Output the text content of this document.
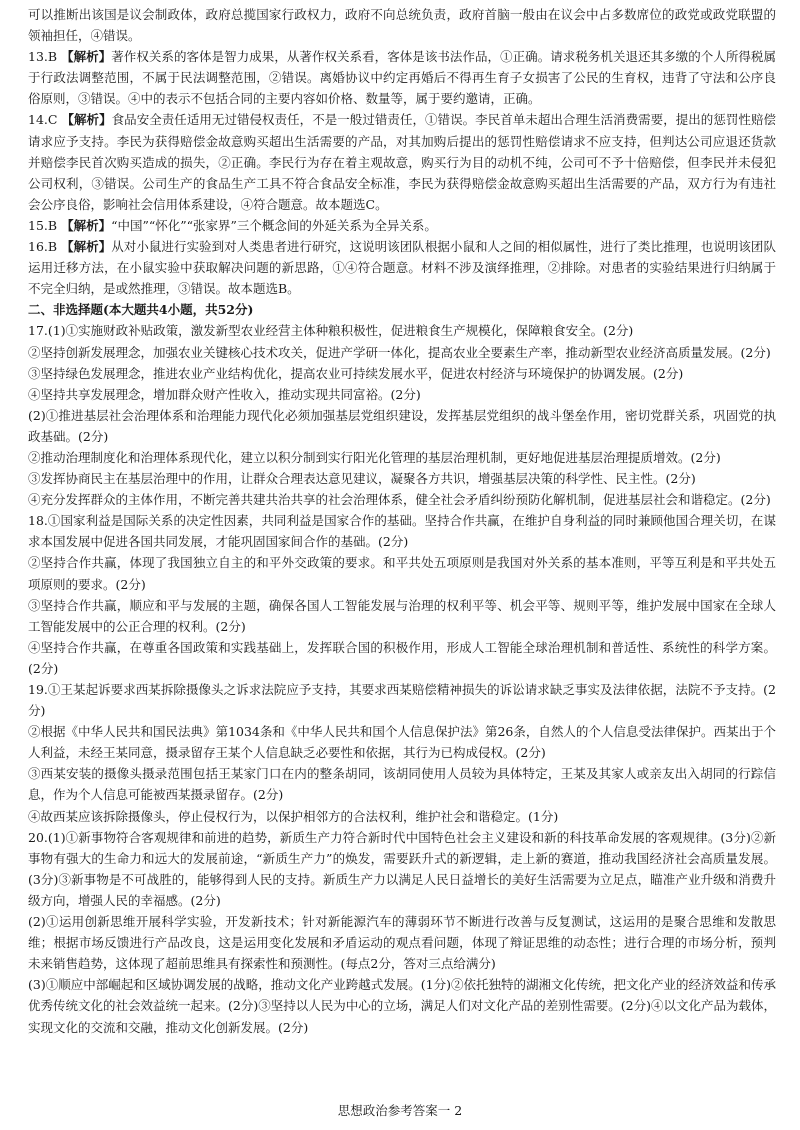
可以推断出该国是议会制政体，政府总揽国家行政权力，政府不向总统负责，政府首脑一般由在议会中占多数席位的政党或政党联盟的领袖担任，④错误。

13.B 【解析】著作权关系的客体是智力成果，从著作权关系看，客体是该书法作品，①正确。请求税务机关退还其多缴的个人所得税属于行政法调整范围，不属于民法调整范围，②错误。离婚协议中约定再婚后不得再生育子女损害了公民的生育权，违背了守法和公序良俗原则，③错误。④中的表示不包括合同的主要内容如价格、数量等，属于要约邀请，正确。

14.C 【解析】食品安全责任适用无过错侵权责任，不是一般过错责任，①错误。李民首单未超出合理生活消费需要，提出的惩罚性赔偿请求应予支持。李民为获得赔偿金故意购买超出生活需要的产品，对其加购后提出的惩罚性赔偿请求不应支持，但判达公司应退还货款并赔偿李民首次购买造成的损失，②正确。李民行为存在着主观故意，购买行为目的动机不纯，公司可不予十倍赔偿，但李民并未侵犯公司权利，③错误。公司生产的食品生产工具不符合食品安全标准，李民为获得赔偿金故意购买超出生活需要的产品，双方行为有违社会公序良俗，影响社会信用体系建设，④符合题意。故本题选C。

15.B 【解析】“中国”“怀化”“张家界”三个概念间的外延关系为全异关系。

16.B 【解析】从对小鼠进行实验到对人类患者进行研究，这说明该团队根据小鼠和人之间的相似属性，进行了类比推理，也说明该团队运用迁移方法，在小鼠实验中获取解决问题的新思路，①④符合题意。材料不涉及演绎推理，②排除。对患者的实验结果进行归纳属于不完全归纳，是或然推理，③错误。故本题选B。

二、非选择题(本大题共4小题，共52分)

17.(1)①实施财政补贴政策，激发新型农业经营主体种粮积极性，促进粮食生产规模化，保障粮食安全。(2分)

②坚持创新发展理念，加强农业关键核心技术攻关，促进产学研一体化，提高农业全要素生产率，推动新型农业经济高质量发展。(2分)

③坚持绿色发展理念，推进农业产业结构优化，提高农业可持续发展水平，促进农村经济与环境保护的协调发展。(2分)

④坚持共享发展理念，增加群众财产性收入，推动实现共同富裕。(2分)

(2)①推进基层社会治理体系和治理能力现代化必须加强基层党组织建设，发挥基层党组织的战斗堡垒作用，密切党群关系，巩固党的执政基础。(2分)

②推动治理制度化和治理体系现代化，建立以积分制到实行阳光化管理的基层治理机制，更好地促进基层治理提质增效。(2分)

③发挥协商民主在基层治理中的作用，让群众合理表达意见建议，凝聚各方共识，增强基层决策的科学性、民主性。(2分)

④充分发挥群众的主体作用，不断完善共建共治共享的社会治理体系，健全社会矛盾纠纷预防化解机制，促进基层社会和谐稳定。(2分)

18.①国家利益是国际关系的决定性因素，共同利益是国家合作的基础。坚持合作共赢，在维护自身利益的同时兼顾他国合理关切，在谋求本国发展中促进各国共同发展，才能巩固国家间合作的基础。(2分)

②坚持合作共赢，体现了我国独立自主的和平外交政策的要求。和平共处五项原则是我国对外关系的基本准则，平等互利是和平共处五项原则的要求。(2分)

③坚持合作共赢，顺应和平与发展的主题，确保各国人工智能发展与治理的权利平等、机会平等、规则平等，维护发展中国家在全球人工智能发展中的公正合理的权利。(2分)

④坚持合作共赢，在尊重各国政策和实践基础上，发挥联合国的积极作用，形成人工智能全球治理机制和普适性、系统性的科学方案。(2分)

19.①王某起诉要求西某拆除摄像头之诉求法院应予支持，其要求西某赔偿精神损失的诉讼请求缺乏事实及法律依据，法院不予支持。(2分)

②根据《中华人民共和国民法典》第1034条和《中华人民共和国个人信息保护法》第26条，自然人的个人信息受法律保护。西某出于个人利益，未经王某同意，摄录留存王某个人信息缺乏必要性和依据，其行为已构成侵权。(2分)

③西某安装的摄像头摄录范围包括王某家门口在内的整条胡同，该胡同使用人员较为具体特定，王某及其家人或亲友出入胡同的行踪信息，作为个人信息可能被西某摄录留存。(2分)

④故西某应该拆除摄像头，停止侵权行为，以保护相邻方的合法权利，维护社会和谐稳定。(1分)

20.(1)①新事物符合客观规律和前进的趋势，新质生产力符合新时代中国特色社会主义建设和新的科技革命发展的客观规律。(3分)②新事物有强大的生命力和远大的发展前途，“新质生产力”的焕发，需要跃升式的新逻辑，走上新的赛道，推动我国经济社会高质量发展。(3分)③新事物是不可战胜的，能够得到人民的支持。新质生产力以满足人民日益增长的美好生活需要为立足点，瞄准产业升级和消费升级方向，增强人民的幸福感。(2分)

(2)①运用创新思维开展科学实验，开发新技术；针对新能源汽车的薄弱环节不断进行改善与反复测试，这运用的是聚合思维和发散思维；根据市场反馈进行产品改良，这是运用变化发展和矛盾运动的观点看问题，体现了辩证思维的动态性；进行合理的市场分析，预判未来销售趋势，这体现了超前思维具有探索性和预测性。(每点2分，答对三点给满分)

(3)①顺应中部崛起和区域协调发展的战略，推动文化产业跨越式发展。(1分)②依托独特的湖湘文化传统，把文化产业的经济效益和传承优秀传统文化的社会效益统一起来。(2分)③坚持以人民为中心的立场，满足人们对文化产品的差别性需要。(2分)④以文化产品为载体，实现文化的交流和交融，推动文化创新发展。(2分)

思想政治参考答案一 2
